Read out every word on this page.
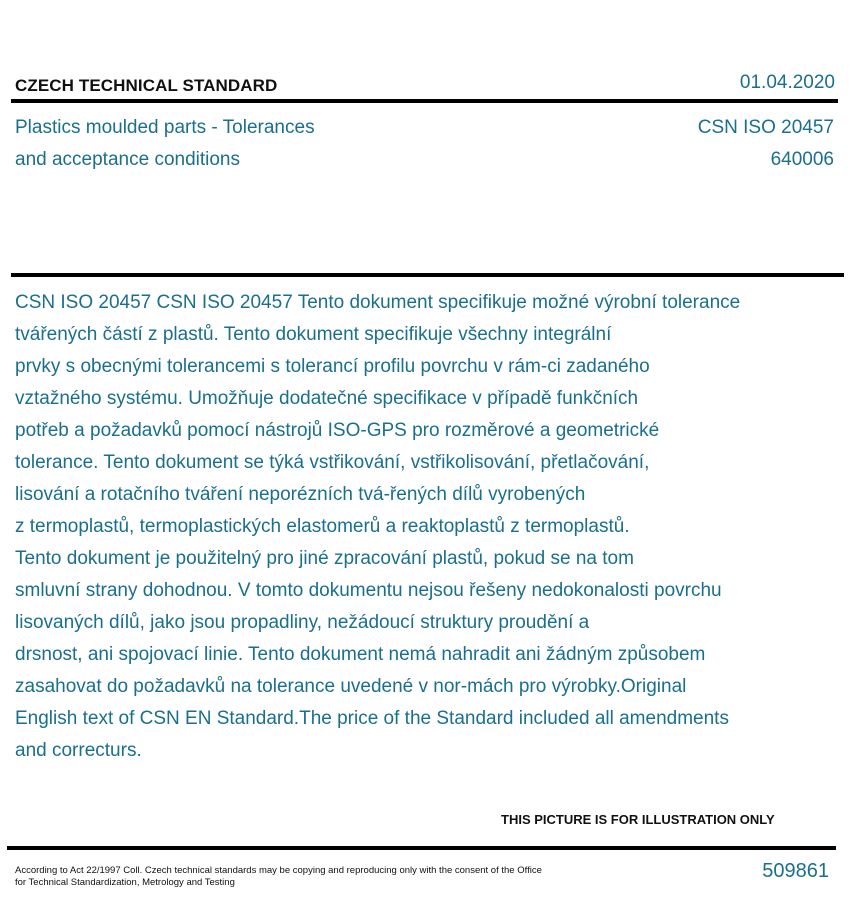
CZECH TECHNICAL STANDARD	01.04.2020
Plastics moulded parts - Tolerances
and acceptance conditions
CSN ISO 20457
640006
CSN ISO 20457 CSN ISO 20457 Tento dokument specifikuje možné výrobní tolerance
tvářených částí z plastů. Tento dokument specifikuje všechny integrální
prvky s obecnými tolerancemi s tolerancí profilu povrchu v rám-ci zadaného
vztažného systému. Umožňuje dodatečné specifikace v případě funkčních
potřeb a požadavků pomocí nástrojů ISO-GPS pro rozměrové a geometrické
tolerance. Tento dokument se týká vstřikování, vstřikolisování, přetlačování,
lisování a rotačního tváření neporézních tvá-řených dílů vyrobených
z termoplastů, termoplastických elastomerů a reaktoplastů z termoplastů.
Tento dokument je použitelný pro jiné zpracování plastů, pokud se na tom
smluvní strany dohodnou. V tomto dokumentu nejsou řešeny nedokonalosti povrchu
lisovaných dílů, jako jsou propadliny, nežádoucí struktury proudění a
drsnost, ani spojovací linie. Tento dokument nemá nahradit ani žádným způsobem
zasahovat do požadavků na tolerance uvedené v nor-mách pro výrobky.Original
English text of CSN EN Standard.The price of the Standard included all amendments
and correcturs.
THIS PICTURE IS FOR ILLUSTRATION ONLY
According to Act 22/1997 Coll. Czech technical standards may be copying and reproducing only with the consent of the Office
for Technical Standardization, Metrology and Testing
509861
